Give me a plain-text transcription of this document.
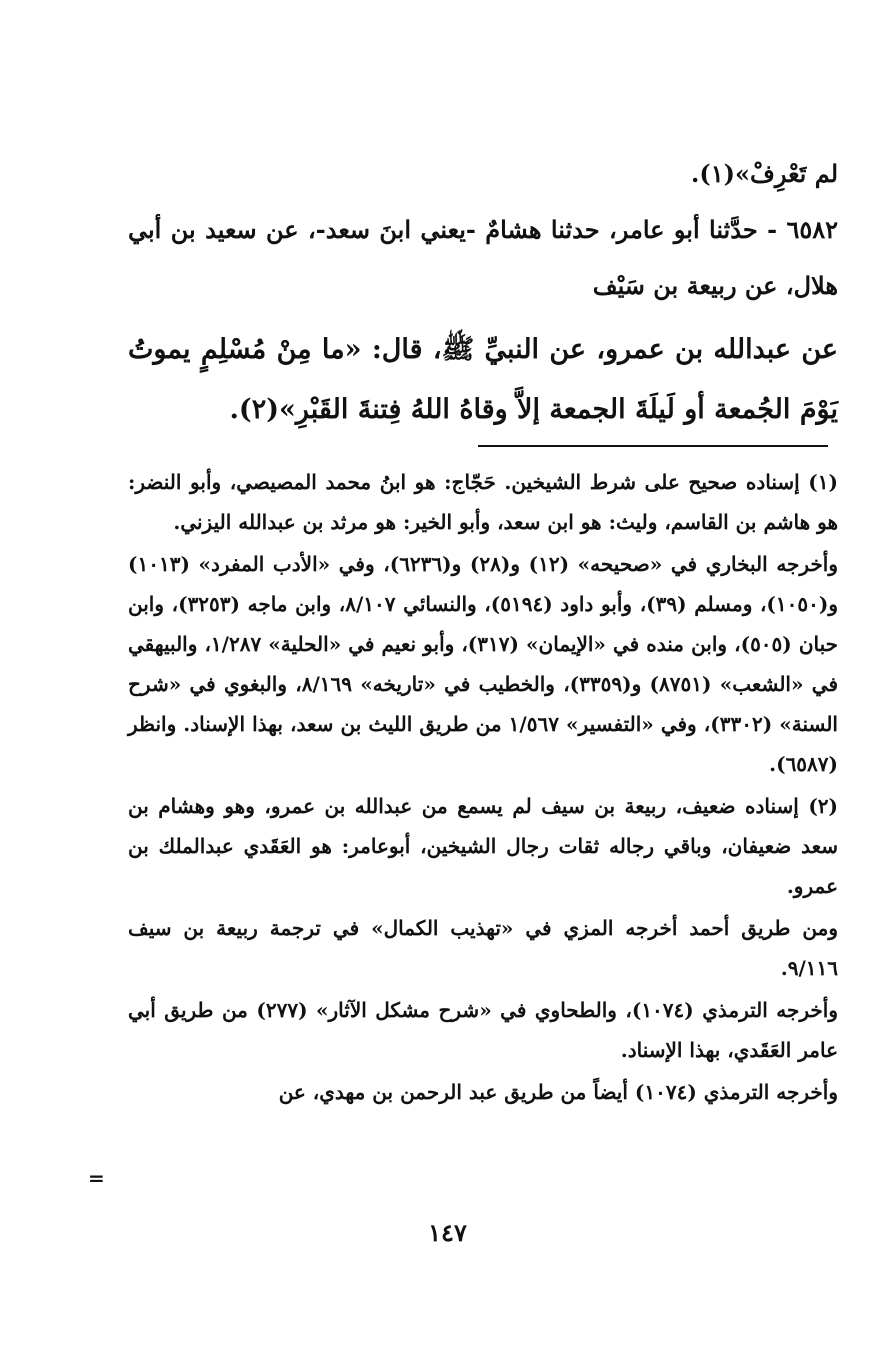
لم تَعْرِفْ»(١).

٦٥٨٢ - حدَّثنا أبو عامر، حدثنا هشامٌ -يعني ابنَ سعد-، عن سعيد بن أبي هلال، عن ربيعة بن سَيْف

عن عبدالله بن عمرو، عن النبيِّ ﷺ، قال: «ما مِنْ مُسْلِمٍ يموتُ يَوْمَ الجُمعة أو لَيلَةَ الجمعة إلاَّ وقاهُ اللهُ فِتنةَ القَبْرِ»(٢).

(١) إسناده صحيح على شرط الشيخين. حَجّاج: هو ابنُ محمد المصيصي، وأبو النضر: هو هاشم بن القاسم، وليث: هو ابن سعد، وأبو الخير: هو مرثد بن عبدالله اليزني.

وأخرجه البخاري في «صحيحه» (١٢) و(٢٨) و(٦٢٣٦)، وفي «الأدب المفرد» (١٠١٣) و(١٠٥٠)، ومسلم (٣٩)، وأبو داود (٥١٩٤)، والنسائي ٨/١٠٧، وابن ماجه (٣٢٥٣)، وابن حبان (٥٠٥)، وابن منده في «الإيمان» (٣١٧)، وأبو نعيم في «الحلية» ١/٢٨٧، والبيهقي في «الشعب» (٨٧٥١) و(٣٣٥٩)، والخطيب في «تاريخه» ٨/١٦٩، والبغوي في «شرح السنة» (٣٣٠٢)، وفي «التفسير» ١/٥٦٧ من طريق الليث بن سعد، بهذا الإسناد. وانظر (٦٥٨٧).

(٢) إسناده ضعيف، ربيعة بن سيف لم يسمع من عبدالله بن عمرو، وهو وهشام بن سعد ضعيفان، وباقي رجاله ثقات رجال الشيخين، أبوعامر: هو العَقَدي عبدالملك بن عمرو.

ومن طريق أحمد أخرجه المزي في «تهذيب الكمال» في ترجمة ربيعة بن سيف ٩/١١٦.

وأخرجه الترمذي (١٠٧٤)، والطحاوي في «شرح مشكل الآثار» (٢٧٧) من طريق أبي عامر العَقَدي، بهذا الإسناد.

وأخرجه الترمذي (١٠٧٤) أيضاً من طريق عبد الرحمن بن مهدي، عن

=
١٤٧
